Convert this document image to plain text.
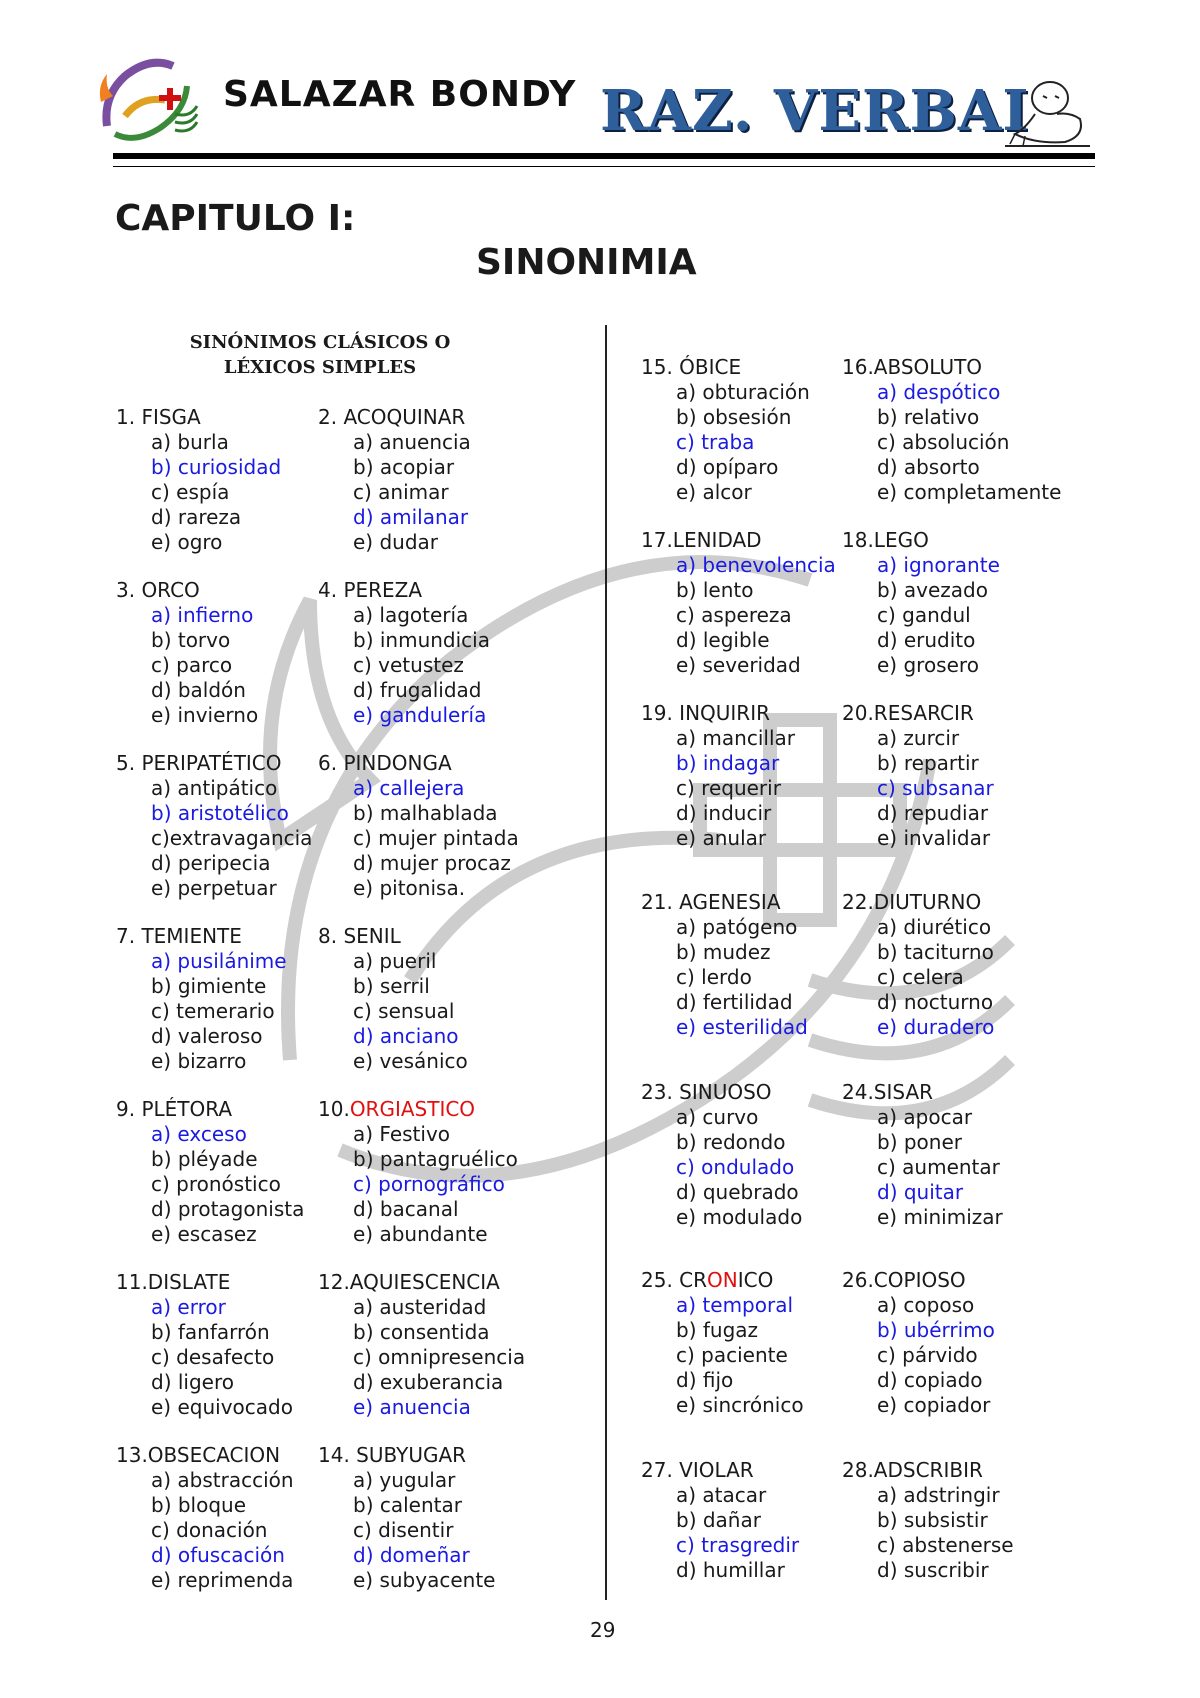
SALAZAR BONDY RAZ. VERBAI
CAPITULO I:
SINONIMIA
SINÓNIMOS CLÁSICOS O LÉXICOS SIMPLES
1. FISGA
a) burla
b) curiosidad
c) espía
d) rareza
e) ogro
2. ACOQUINAR
a) anuencia
b) acopiar
c) animar
d) amilanar
e) dudar
3. ORCO
a) infierno
b) torvo
c) parco
d) baldón
e) invierno
4. PEREZA
a) lagotería
b) inmundicia
c) vetustez
d) frugalidad
e) gandulería
5. PERIPATÉTICO
a) antipático
b) aristotélico
c)extravagancia
d) peripecia
e) perpetuar
6. PINDONGA
a) callejera
b) malhablada
c) mujer pintada
d) mujer procaz
e) pitonisa.
7. TEMIENTE
a) pusilánime
b) gimiente
c) temerario
d) valeroso
e) bizarro
8. SENIL
a) pueril
b) serril
c) sensual
d) anciano
e) vesánico
9. PLÉTORA
a) exceso
b) pléyade
c) pronóstico
d) protagonista
e) escasez
10.ORGIASTICO
a) Festivo
b) pantagruélico
c) pornográfico
d) bacanal
e) abundante
11.DISLATE
a) error
b) fanfarrón
c) desafecto
d) ligero
e) equivocado
12.AQUIESCENCIA
a) austeridad
b) consentida
c) omnipresencia
d) exuberancia
e) anuencia
13.OBSECACION
a) abstracción
b) bloque
c) donación
d) ofuscación
e) reprimenda
14. SUBYUGAR
a) yugular
b) calentar
c) disentir
d) domeñar
e) subyacente
15. ÓBICE
a) obturación
b) obsesión
c) traba
d) opíparo
e) alcor
16.ABSOLUTO
a) despótico
b) relativo
c) absolución
d) absorto
e) completamente
17.LENIDAD
a) benevolencia
b) lento
c) aspereza
d) legible
e) severidad
18.LEGO
a) ignorante
b) avezado
c) gandul
d) erudito
e) grosero
19. INQUIRIR
a) mancillar
b) indagar
c) requerir
d) inducir
e) anular
20.RESARCIR
a) zurcir
b) repartir
c) subsanar
d) repudiar
e) invalidar
21. AGENESIA
a) patógeno
b) mudez
c) lerdo
d) fertilidad
e) esterilidad
22.DIUTURNO
a) diurético
b) taciturno
c) celera
d) nocturno
e) duradero
23. SINUOSO
a) curvo
b) redondo
c) ondulado
d) quebrado
e) modulado
24.SISAR
a) apocar
b) poner
c) aumentar
d) quitar
e) minimizar
25. CRONICO
a) temporal
b) fugaz
c) paciente
d) fijo
e) sincrónico
26.COPIOSO
a) coposo
b) ubérrimo
c) párvido
d) copiado
e) copiador
27. VIOLAR
a) atacar
b) dañar
c) trasgredir
d) humillar
28.ADSCRIBIR
a) adstringir
b) subsistir
c) abstenerse
d) suscribir
29
